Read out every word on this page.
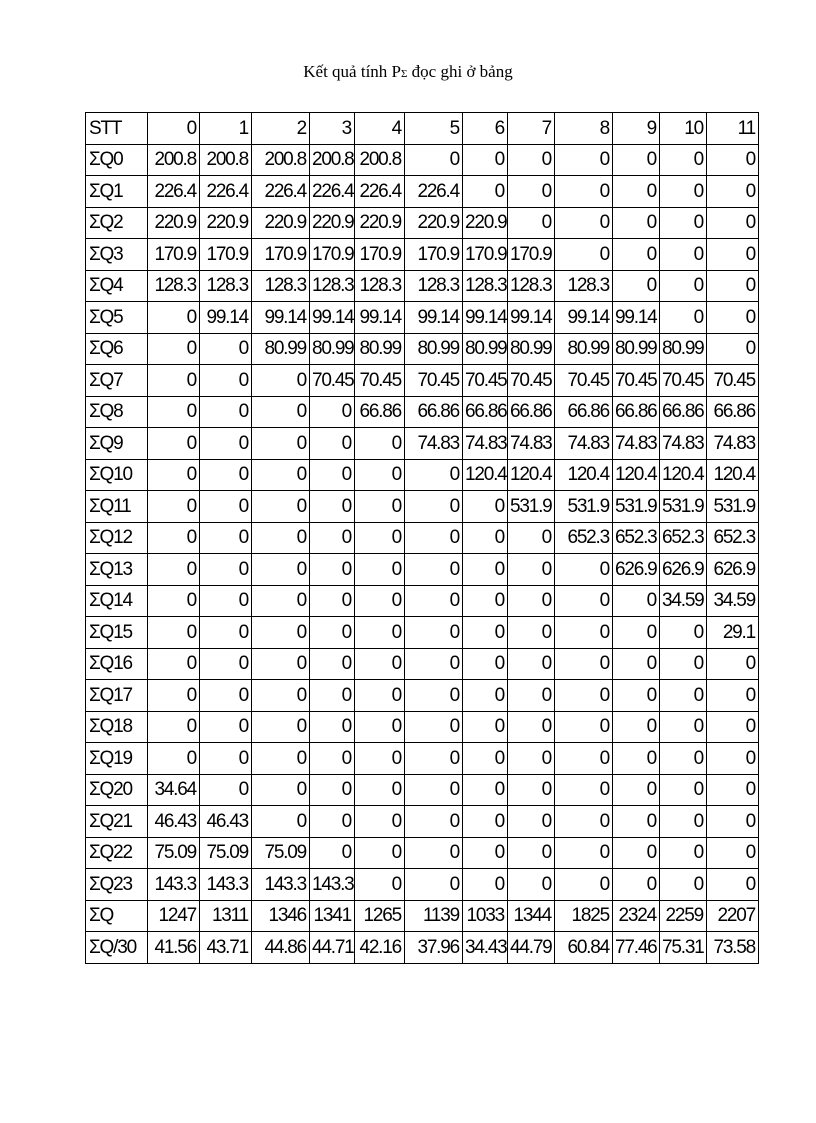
Kết quả tính PΣ đọc ghi ở bảng
STT	0	1	2	3	4	5	6	7	8	9	10	11
ΣQ0	200.8	200.8	200.8	200.8	200.8	0	0	0	0	0	0	0
ΣQ1	226.4	226.4	226.4	226.4	226.4	226.4	0	0	0	0	0	0
ΣQ2	220.9	220.9	220.9	220.9	220.9	220.9	220.9	0	0	0	0	0
ΣQ3	170.9	170.9	170.9	170.9	170.9	170.9	170.9	170.9	0	0	0	0
ΣQ4	128.3	128.3	128.3	128.3	128.3	128.3	128.3	128.3	128.3	0	0	0
ΣQ5	0	99.14	99.14	99.14	99.14	99.14	99.14	99.14	99.14	99.14	0	0
ΣQ6	0	0	80.99	80.99	80.99	80.99	80.99	80.99	80.99	80.99	80.99	0
ΣQ7	0	0	0	70.45	70.45	70.45	70.45	70.45	70.45	70.45	70.45	70.45
ΣQ8	0	0	0	0	66.86	66.86	66.86	66.86	66.86	66.86	66.86	66.86
ΣQ9	0	0	0	0	0	74.83	74.83	74.83	74.83	74.83	74.83	74.83
ΣQ10	0	0	0	0	0	0	120.4	120.4	120.4	120.4	120.4	120.4
ΣQ11	0	0	0	0	0	0	0	531.9	531.9	531.9	531.9	531.9
ΣQ12	0	0	0	0	0	0	0	0	652.3	652.3	652.3	652.3
ΣQ13	0	0	0	0	0	0	0	0	0	626.9	626.9	626.9
ΣQ14	0	0	0	0	0	0	0	0	0	0	34.59	34.59
ΣQ15	0	0	0	0	0	0	0	0	0	0	0	29.1
ΣQ16	0	0	0	0	0	0	0	0	0	0	0	0
ΣQ17	0	0	0	0	0	0	0	0	0	0	0	0
ΣQ18	0	0	0	0	0	0	0	0	0	0	0	0
ΣQ19	0	0	0	0	0	0	0	0	0	0	0	0
ΣQ20	34.64	0	0	0	0	0	0	0	0	0	0	0
ΣQ21	46.43	46.43	0	0	0	0	0	0	0	0	0	0
ΣQ22	75.09	75.09	75.09	0	0	0	0	0	0	0	0	0
ΣQ23	143.3	143.3	143.3	143.3	0	0	0	0	0	0	0	0
ΣQ	1247	1311	1346	1341	1265	1139	1033	1344	1825	2324	2259	2207
ΣQ/30	41.56	43.71	44.86	44.71	42.16	37.96	34.43	44.79	60.84	77.46	75.31	73.58
